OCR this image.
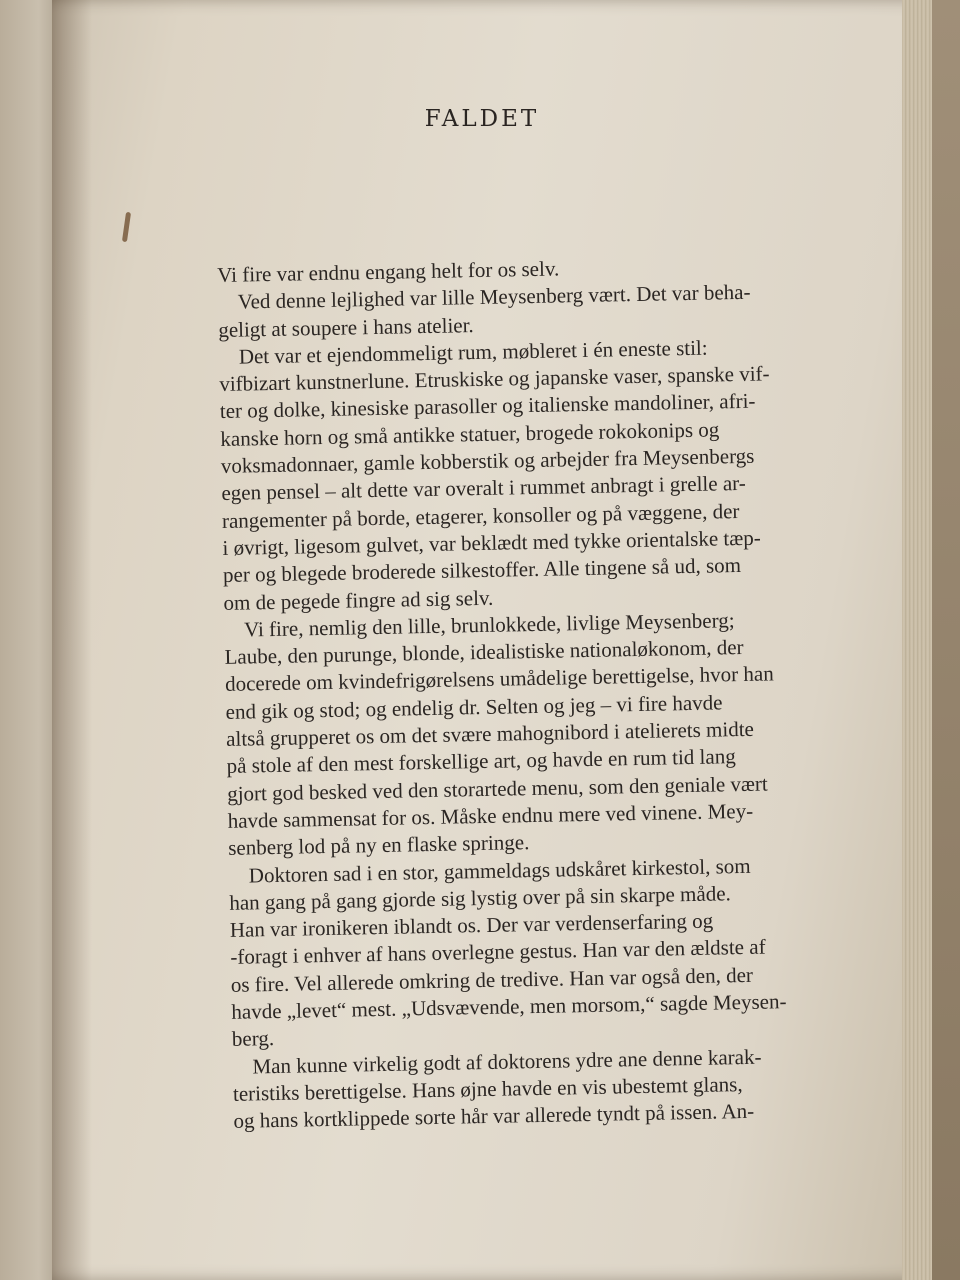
FALDET
Vi fire var endnu engang helt for os selv.
Ved denne lejlighed var lille Meysenberg vært. Det var beha-
geligt at soupere i hans atelier.
Det var et ejendommeligt rum, møbleret i én eneste stil:
vifbizart kunstnerlune. Etruskiske og japanske vaser, spanske vif-
ter og dolke, kinesiske parasoller og italienske mandoliner, afri-
kanske horn og små antikke statuer, brogede rokokonips og
voksmadonnaer, gamle kobberstik og arbejder fra Meysenbergs
egen pensel – alt dette var overalt i rummet anbragt i grelle ar-
rangementer på borde, etagerer, konsoller og på væggene, der
i øvrigt, ligesom gulvet, var beklædt med tykke orientalske tæp-
per og blegede broderede silkestoffer. Alle tingene så ud, som
om de pegede fingre ad sig selv.
Vi fire, nemlig den lille, brunlokkede, livlige Meysenberg;
Laube, den purunge, blonde, idealistiske nationaløkonom, der
docerede om kvindefrigørelsens umådelige berettigelse, hvor han
end gik og stod; og endelig dr. Selten og jeg – vi fire havde
altså grupperet os om det svære mahognibord i atelierets midte
på stole af den mest forskellige art, og havde en rum tid lang
gjort god besked ved den storartede menu, som den geniale vært
havde sammensat for os. Måske endnu mere ved vinene. Mey-
senberg lod på ny en flaske springe.
Doktoren sad i en stor, gammeldags udskåret kirkestol, som
han gang på gang gjorde sig lystig over på sin skarpe måde.
Han var ironikeren iblandt os. Der var verdenserfaring og
-foragt i enhver af hans overlegne gestus. Han var den ældste af
os fire. Vel allerede omkring de tredive. Han var også den, der
havde „levet“ mest. „Udsvævende, men morsom,“ sagde Meysen-
berg.
Man kunne virkelig godt af doktorens ydre ane denne karak-
teristiks berettigelse. Hans øjne havde en vis ubestemt glans,
og hans kortklippede sorte hår var allerede tyndt på issen. An-
